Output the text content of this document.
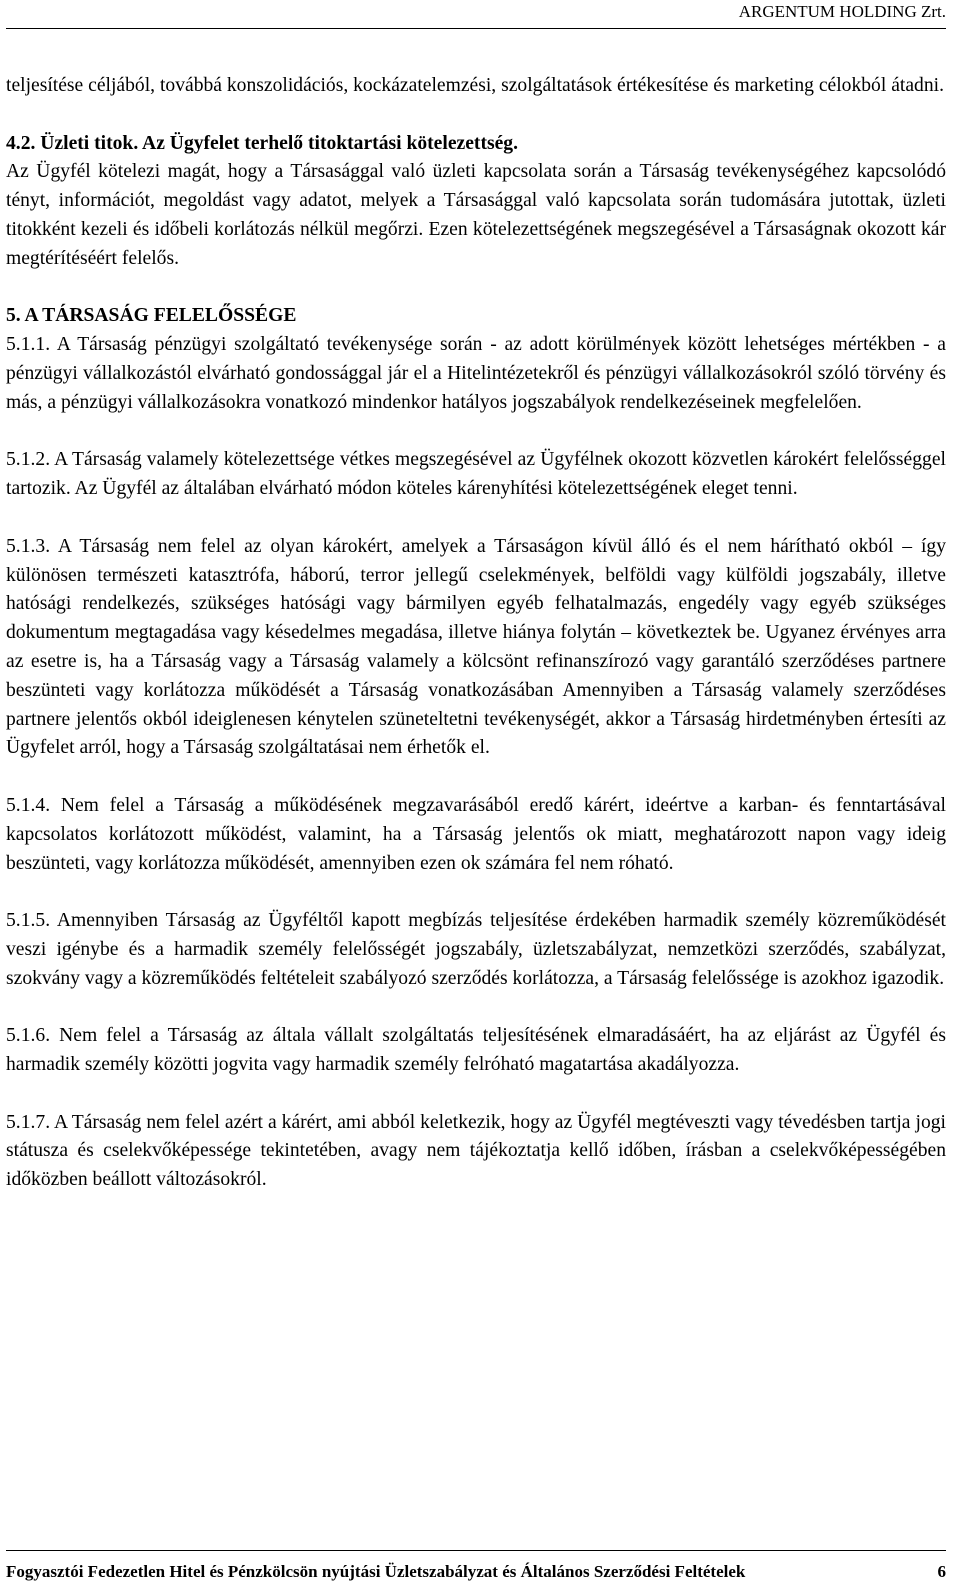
ARGENTUM HOLDING Zrt.

teljesítése céljából, továbbá konszolidációs, kockázatelemzési, szolgáltatások értékesítése és marketing célokból átadni.

4.2. Üzleti titok. Az Ügyfelet terhelő titoktartási kötelezettség.

Az Ügyfél kötelezi magát, hogy a Társasággal való üzleti kapcsolata során a Társaság tevékenységéhez kapcsolódó tényt, információt, megoldást vagy adatot, melyek a Társasággal való kapcsolata során tudomására jutottak, üzleti titokként kezeli és időbeli korlátozás nélkül megőrzi. Ezen kötelezettségének megszegésével a Társaságnak okozott kár megtérítéséért felelős.

5. A TÁRSASÁG FELELŐSSÉGE

5.1.1. A Társaság pénzügyi szolgáltató tevékenysége során - az adott körülmények között lehetséges mértékben - a pénzügyi vállalkozástól elvárható gondossággal jár el a Hitelintézetekről és pénzügyi vállalkozásokról szóló törvény és más, a pénzügyi vállalkozásokra vonatkozó mindenkor hatályos jogszabályok rendelkezéseinek megfelelően.

5.1.2. A Társaság valamely kötelezettsége vétkes megszegésével az Ügyfélnek okozott közvetlen károkért felelősséggel tartozik. Az Ügyfél az általában elvárható módon köteles kárenyhítési kötelezettségének eleget tenni.

5.1.3. A Társaság nem felel az olyan károkért, amelyek a Társaságon kívül álló és el nem hárítható okból – így különösen természeti katasztrófa, háború, terror jellegű cselekmények, belföldi vagy külföldi jogszabály, illetve hatósági rendelkezés, szükséges hatósági vagy bármilyen egyéb felhatalmazás, engedély vagy egyéb szükséges dokumentum megtagadása vagy késedelmes megadása, illetve hiánya folytán – következtek be. Ugyanez érvényes arra az esetre is, ha a Társaság vagy a Társaság valamely a kölcsönt refinanszírozó vagy garantáló szerződéses partnere beszünteti vagy korlátozza működését a Társaság vonatkozásában Amennyiben a Társaság valamely szerződéses partnere jelentős okból ideiglenesen kénytelen szüneteltetni tevékenységét, akkor a Társaság hirdetményben értesíti az Ügyfelet arról, hogy a Társaság szolgáltatásai nem érhetők el.

5.1.4. Nem felel a Társaság a működésének megzavarásából eredő kárért, ideértve a karban- és fenntartásával kapcsolatos korlátozott működést, valamint, ha a Társaság jelentős ok miatt, meghatározott napon vagy ideig beszünteti, vagy korlátozza működését, amennyiben ezen ok számára fel nem róható.

5.1.5. Amennyiben Társaság az Ügyféltől kapott megbízás teljesítése érdekében harmadik személy közreműködését veszi igénybe és a harmadik személy felelősségét jogszabály, üzletszabályzat, nemzetközi szerződés, szabályzat, szokvány vagy a közreműködés feltételeit szabályozó szerződés korlátozza, a Társaság felelőssége is azokhoz igazodik.

5.1.6. Nem felel a Társaság az általa vállalt szolgáltatás teljesítésének elmaradásáért, ha az eljárást az Ügyfél és harmadik személy közötti jogvita vagy harmadik személy felróható magatartása akadályozza.

5.1.7. A Társaság nem felel azért a kárért, ami abból keletkezik, hogy az Ügyfél megtéveszti vagy tévedésben tartja jogi státusza és cselekvőképessége tekintetében, avagy nem tájékoztatja kellő időben, írásban a cselekvőképességében időközben beállott változásokról.

Fogyasztói Fedezetlen Hitel és Pénzkölcsön nyújtási Üzletszabályzat és Általános Szerződési Feltételek	6
